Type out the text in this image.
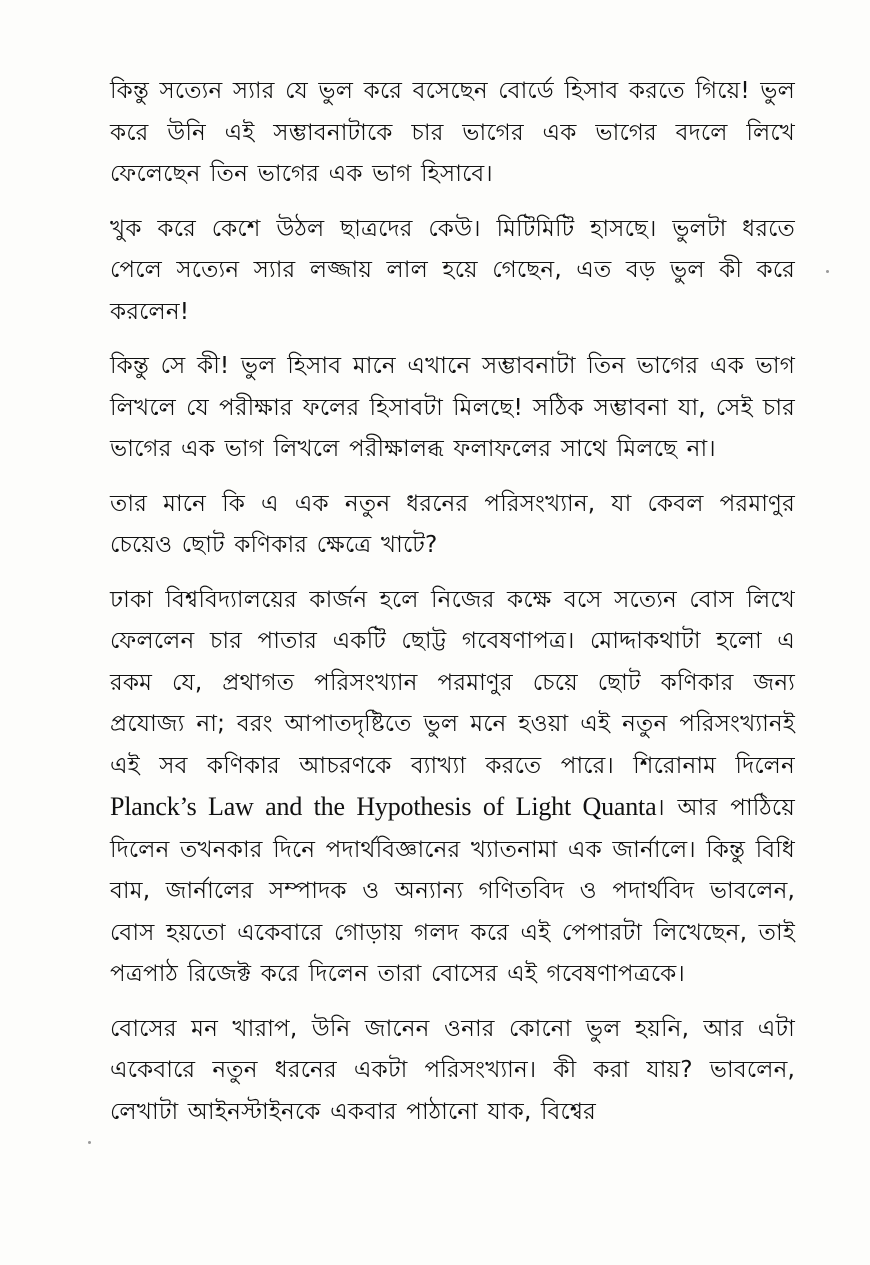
কিন্তু সত্যেন স্যার যে ভুল করে বসেছেন বোর্ডে হিসাব করতে গিয়ে! ভুল করে উনি এই সম্ভাবনাটাকে চার ভাগের এক ভাগের বদলে লিখে ফেলেছেন তিন ভাগের এক ভাগ হিসাবে।

খুক করে কেশে উঠল ছাত্রদের কেউ। মিটিমিটি হাসছে। ভুলটা ধরতে পেলে সত্যেন স্যার লজ্জায় লাল হয়ে গেছেন, এত বড় ভুল কী করে করলেন!

কিন্তু সে কী! ভুল হিসাব মানে এখানে সম্ভাবনাটা তিন ভাগের এক ভাগ লিখলে যে পরীক্ষার ফলের হিসাবটা মিলছে! সঠিক সম্ভাবনা যা, সেই চার ভাগের এক ভাগ লিখলে পরীক্ষালব্ধ ফলাফলের সাথে মিলছে না।

তার মানে কি এ এক নতুন ধরনের পরিসংখ্যান, যা কেবল পরমাণুর চেয়েও ছোট কণিকার ক্ষেত্রে খাটে?

ঢাকা বিশ্ববিদ্যালয়ের কার্জন হলে নিজের কক্ষে বসে সত্যেন বোস লিখে ফেললেন চার পাতার একটি ছোট্ট গবেষণাপত্র। মোদ্দাকথাটা হলো এ রকম যে, প্রথাগত পরিসংখ্যান পরমাণুর চেয়ে ছোট কণিকার জন্য প্রযোজ্য না; বরং আপাতদৃষ্টিতে ভুল মনে হওয়া এই নতুন পরিসংখ্যানই এই সব কণিকার আচরণকে ব্যাখ্যা করতে পারে। শিরোনাম দিলেন Planck’s Law and the Hypothesis of Light Quanta। আর পাঠিয়ে দিলেন তখনকার দিনে পদার্থবিজ্ঞানের খ্যাতনামা এক জার্নালে। কিন্তু বিধি বাম, জার্নালের সম্পাদক ও অন্যান্য গণিতবিদ ও পদার্থবিদ ভাবলেন, বোস হয়তো একেবারে গোড়ায় গলদ করে এই পেপারটা লিখেছেন, তাই পত্রপাঠ রিজেক্ট করে দিলেন তারা বোসের এই গবেষণাপত্রকে।

বোসের মন খারাপ, উনি জানেন ওনার কোনো ভুল হয়নি, আর এটা একেবারে নতুন ধরনের একটা পরিসংখ্যান। কী করা যায়? ভাবলেন, লেখাটা আইনস্টাইনকে একবার পাঠানো যাক, বিশ্বের
